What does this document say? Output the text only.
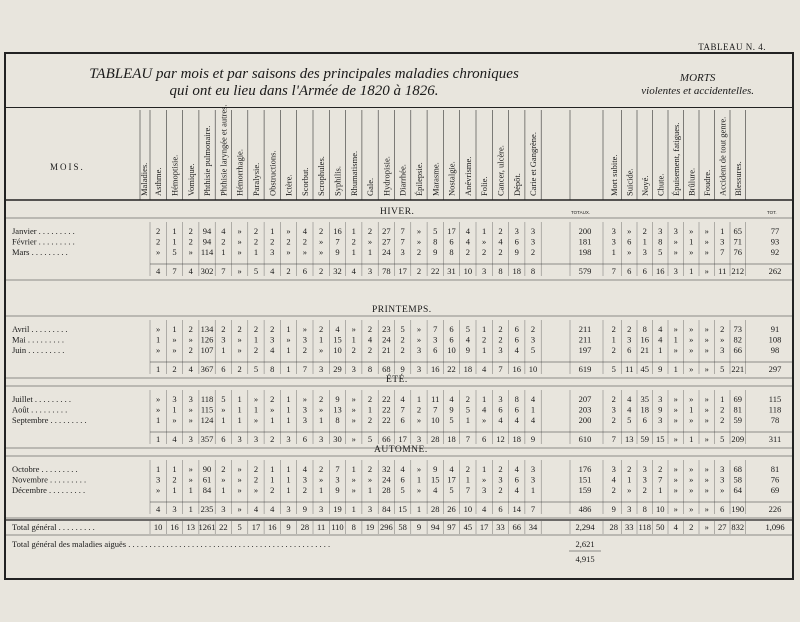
TABLEAU N. 4.
TABLEAU par mois et par saisons des principales maladies chroniques
qui ont eu lieu dans l'Armée de 1820 à 1826.
MORTS
violentes et accidentelles.
MOIS.	Maladies. Asthme. Hémoptisie. Vomique. Phthisie pulmonaire. Phthisie laryngée et autres. Hémorrhagie. Paralysie. Obstructions. Ictère. Scorbut. Scrophules. Syphilis. Rhumatisme. Gale. Hydropisie. Diarrhée. Épilepsie. Marasme. Nostalgie. Anévrisme. Folie. Cancer, ulcère. Dépôt. Carie et Gangrène.	Mort subite. Suicide. Noyé. Chute. Épuisement, fatigues. Brûlure. Foudre. Accident de tout genre. Blessures.
HIVER.	TOTAUX.	TOT.
Janvier . . . . . . . . .	2 1 2 94 4 » 2 1 » 4 2 16 1 2 27 7 » 5 17 4 1 2 3 3	200 3 » 2 3 3 » » 1 65	77
Février . . . . . . . . .	2 1 2 94 2 » 2 2 2 2 » 7 2 » 27 7 » 8 6 4 » 4 6 3	181 3 6 1 8 » 1 » 3 71	93
Mars . . . . . . . . .	» 5 » 114 1 » 1 3 » » » 9 1 1 24 3 2 9 8 2 2 2 9 2	198 1 » 3 5 » » » 7 76	92
4 7 4 302 7 » 5 4 2 6 2 32 4 3 78 17 2 22 31 10 3 8 18 8	579 7 6 6 16 3 1 » 11 212	262
PRINTEMPS.
Avril . . . . . . . . .	» 1 2 134 2 2 2 2 1 » 2 4 » 2 23 5 » 7 6 5 1 2 6 2	211 2 2 8 4 » » » 2 73	91
Mai . . . . . . . . .	1 » » 126 3 » 1 3 » 3 1 15 1 4 24 2 » 3 6 4 2 2 6 3	211 1 3 16 4 1 » » » 82	108
Juin . . . . . . . . .	» » 2 107 1 » 2 4 1 2 » 10 2 2 21 2 3 6 10 9 1 3 4 5	197 2 6 21 1 » » » 3 66	98
1 2 4 367 6 2 5 8 1 7 3 29 3 8 68 9 3 16 22 18 4 7 16 10	619 5 11 45 9 1 » » 5 221	297
ÉTÉ.
Juillet . . . . . . . . .	» 3 3 118 5 1 » 2 1 » 2 9 » 2 22 4 1 11 4 2 1 3 8 4	207 2 4 35 3 » » » 1 69	115
Août . . . . . . . . .	» 1 » 115 » 1 1 » 1 3 » 13 » 1 22 7 2 7 9 5 4 6 6 1	203 3 4 18 9 » 1 » 2 81	118
Septembre . . . . . . . . .	1 » » 124 1 1 » 1 1 3 1 8 » 2 22 6 » 10 5 1 » 4 4 4	200 2 5 6 3 » » » 2 59	78
1 4 3 357 6 3 3 2 3 6 3 30 » 5 66 17 3 28 18 7 6 12 18 9	610 7 13 59 15 » 1 » 5 209	311
AUTOMNE.
Octobre . . . . . . . . .	1 1 » 90 2 » 2 1 1 4 2 7 1 2 32 4 » 9 4 2 1 2 4 3	176 3 2 3 2 » » » 3 68	81
Novembre . . . . . . . . .	3 2 » 61 » » 2 1 1 3 » 3 » » 24 6 1 15 17 1 » 3 6 3	151 4 1 3 7 » » » 3 58	76
Décembre . . . . . . . . .	» 1 1 84 1 » » 2 1 2 1 9 » 1 28 5 » 4 5 7 3 2 4 1	159 2 » 2 1 » » » » 64	69
4 3 1 235 3 » 4 4 3 9 3 19 1 3 84 15 1 28 26 10 4 6 14 7	486 9 3 8 10 » » » 6 190	226
Total général . . . . . . . . .	10 16 13 1261 22 5 17 16 9 28 11 110 8 19 296 58 9 94 97 45 17 33 66 34	2,294 28 33 118 50 4 2 » 27 832	1,096
Total général des maladies aiguës . . . . . . . . . . . . . . . . . . . . . . . . . . . . . . . . . . . . . . . . . . . . . . . .	2,621
4,915
